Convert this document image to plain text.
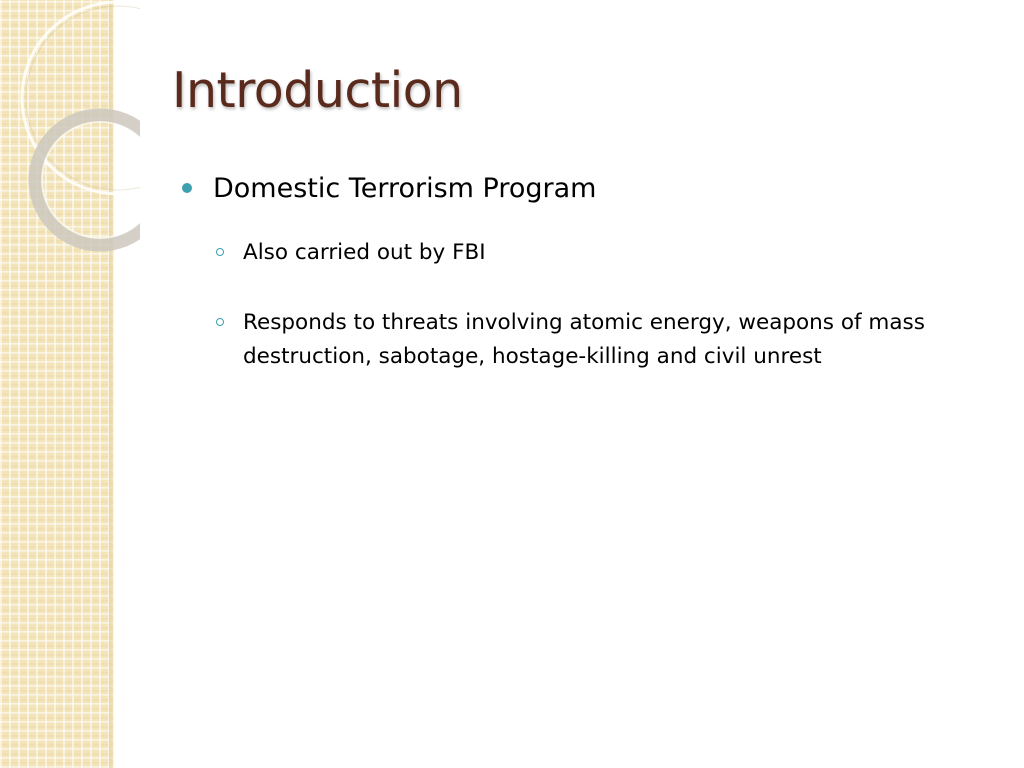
Introduction
Domestic Terrorism Program
Also carried out by FBI
Responds to threats involving atomic energy, weapons of mass destruction, sabotage, hostage-killing and civil unrest
